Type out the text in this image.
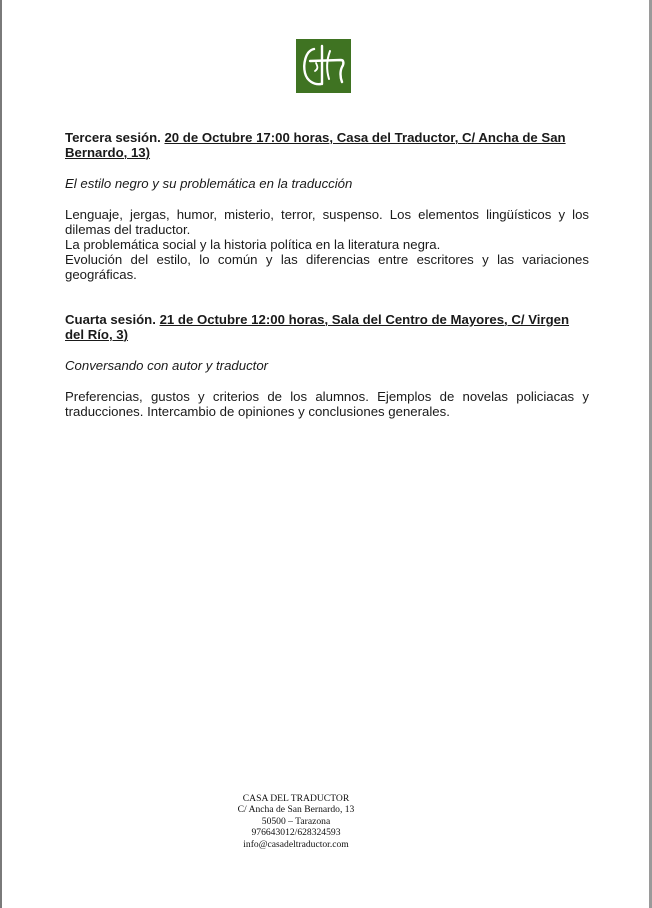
Tercera sesión. 20 de Octubre 17:00 horas, Casa del Traductor, C/ Ancha de San Bernardo, 13)

El estilo negro y su problemática en la traducción

Lenguaje, jergas, humor, misterio, terror, suspenso. Los elementos lingüísticos y los dilemas del traductor.

La problemática social y la historia política en la literatura negra.

Evolución del estilo, lo común y las diferencias entre escritores y las variaciones geográficas.

Cuarta sesión. 21 de Octubre 12:00 horas, Sala del Centro de Mayores, C/ Virgen del Río, 3)

Conversando con autor y traductor

Preferencias, gustos y criterios de los alumnos. Ejemplos de novelas policiacas y traducciones. Intercambio de opiniones y conclusiones generales.

CASA DEL TRADUCTOR
C/ Ancha de San Bernardo, 13
50500 – Tarazona
976643012/628324593
info@casadeltraductor.com
